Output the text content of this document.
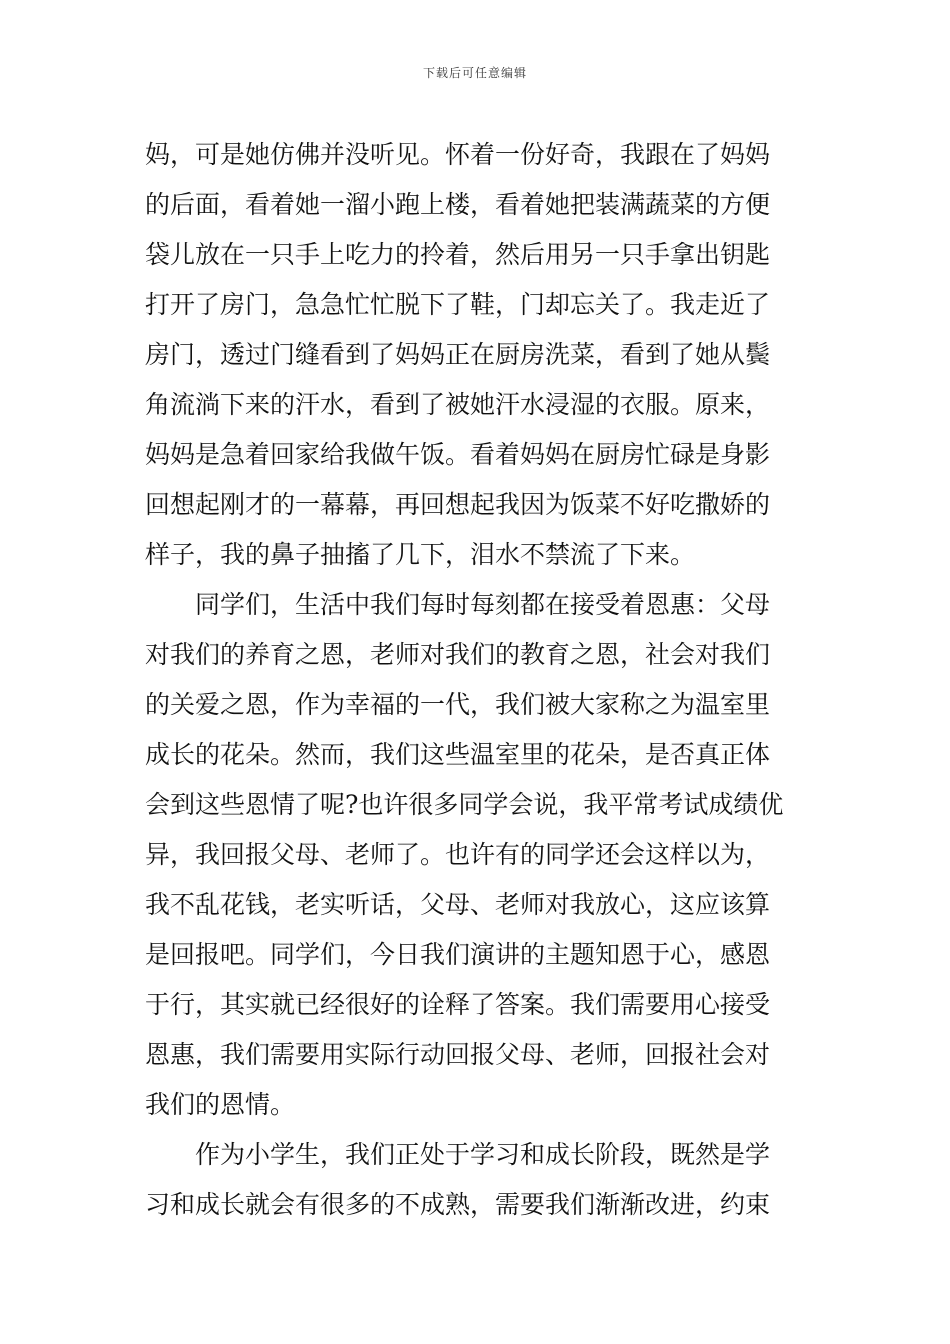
下载后可任意编辑
妈，可是她仿佛并没听见。怀着一份好奇，我跟在了妈妈
的后面，看着她一溜小跑上楼，看着她把装满蔬菜的方便
袋儿放在一只手上吃力的拎着，然后用另一只手拿出钥匙
打开了房门，急急忙忙脱下了鞋，门却忘关了。我走近了
房门，透过门缝看到了妈妈正在厨房洗菜，看到了她从鬓
角流淌下来的汗水，看到了被她汗水浸湿的衣服。原来，
妈妈是急着回家给我做午饭。看着妈妈在厨房忙碌是身影
回想起刚才的一幕幕，再回想起我因为饭菜不好吃撒娇的
样子，我的鼻子抽搐了几下，泪水不禁流了下来。
　　同学们，生活中我们每时每刻都在接受着恩惠：父母
对我们的养育之恩，老师对我们的教育之恩，社会对我们
的关爱之恩，作为幸福的一代，我们被大家称之为温室里
成长的花朵。然而，我们这些温室里的花朵，是否真正体
会到这些恩情了呢?也许很多同学会说，我平常考试成绩优
异，我回报父母、老师了。也许有的同学还会这样以为，
我不乱花钱，老实听话，父母、老师对我放心，这应该算
是回报吧。同学们，今日我们演讲的主题知恩于心，感恩
于行，其实就已经很好的诠释了答案。我们需要用心接受
恩惠，我们需要用实际行动回报父母、老师，回报社会对
我们的恩情。
　　作为小学生，我们正处于学习和成长阶段，既然是学
习和成长就会有很多的不成熟，需要我们渐渐改进，约束
